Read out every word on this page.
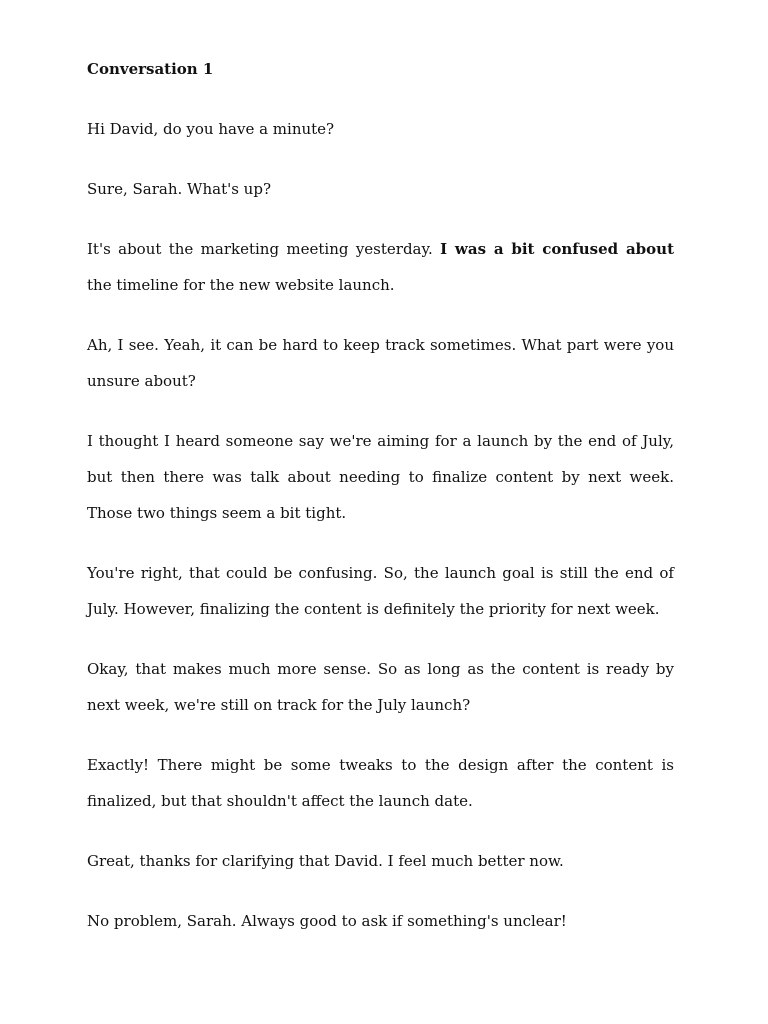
Conversation 1

Hi David, do you have a minute?

Sure, Sarah. What's up?

It's about the marketing meeting yesterday. I was a bit confused about the timeline for the new website launch.

Ah, I see. Yeah, it can be hard to keep track sometimes. What part were you unsure about?

I thought I heard someone say we're aiming for a launch by the end of July, but then there was talk about needing to finalize content by next week. Those two things seem a bit tight.

You're right, that could be confusing. So, the launch goal is still the end of July. However, finalizing the content is definitely the priority for next week.

Okay, that makes much more sense. So as long as the content is ready by next week, we're still on track for the July launch?

Exactly! There might be some tweaks to the design after the content is finalized, but that shouldn't affect the launch date.

Great, thanks for clarifying that David. I feel much better now.

No problem, Sarah. Always good to ask if something's unclear!
